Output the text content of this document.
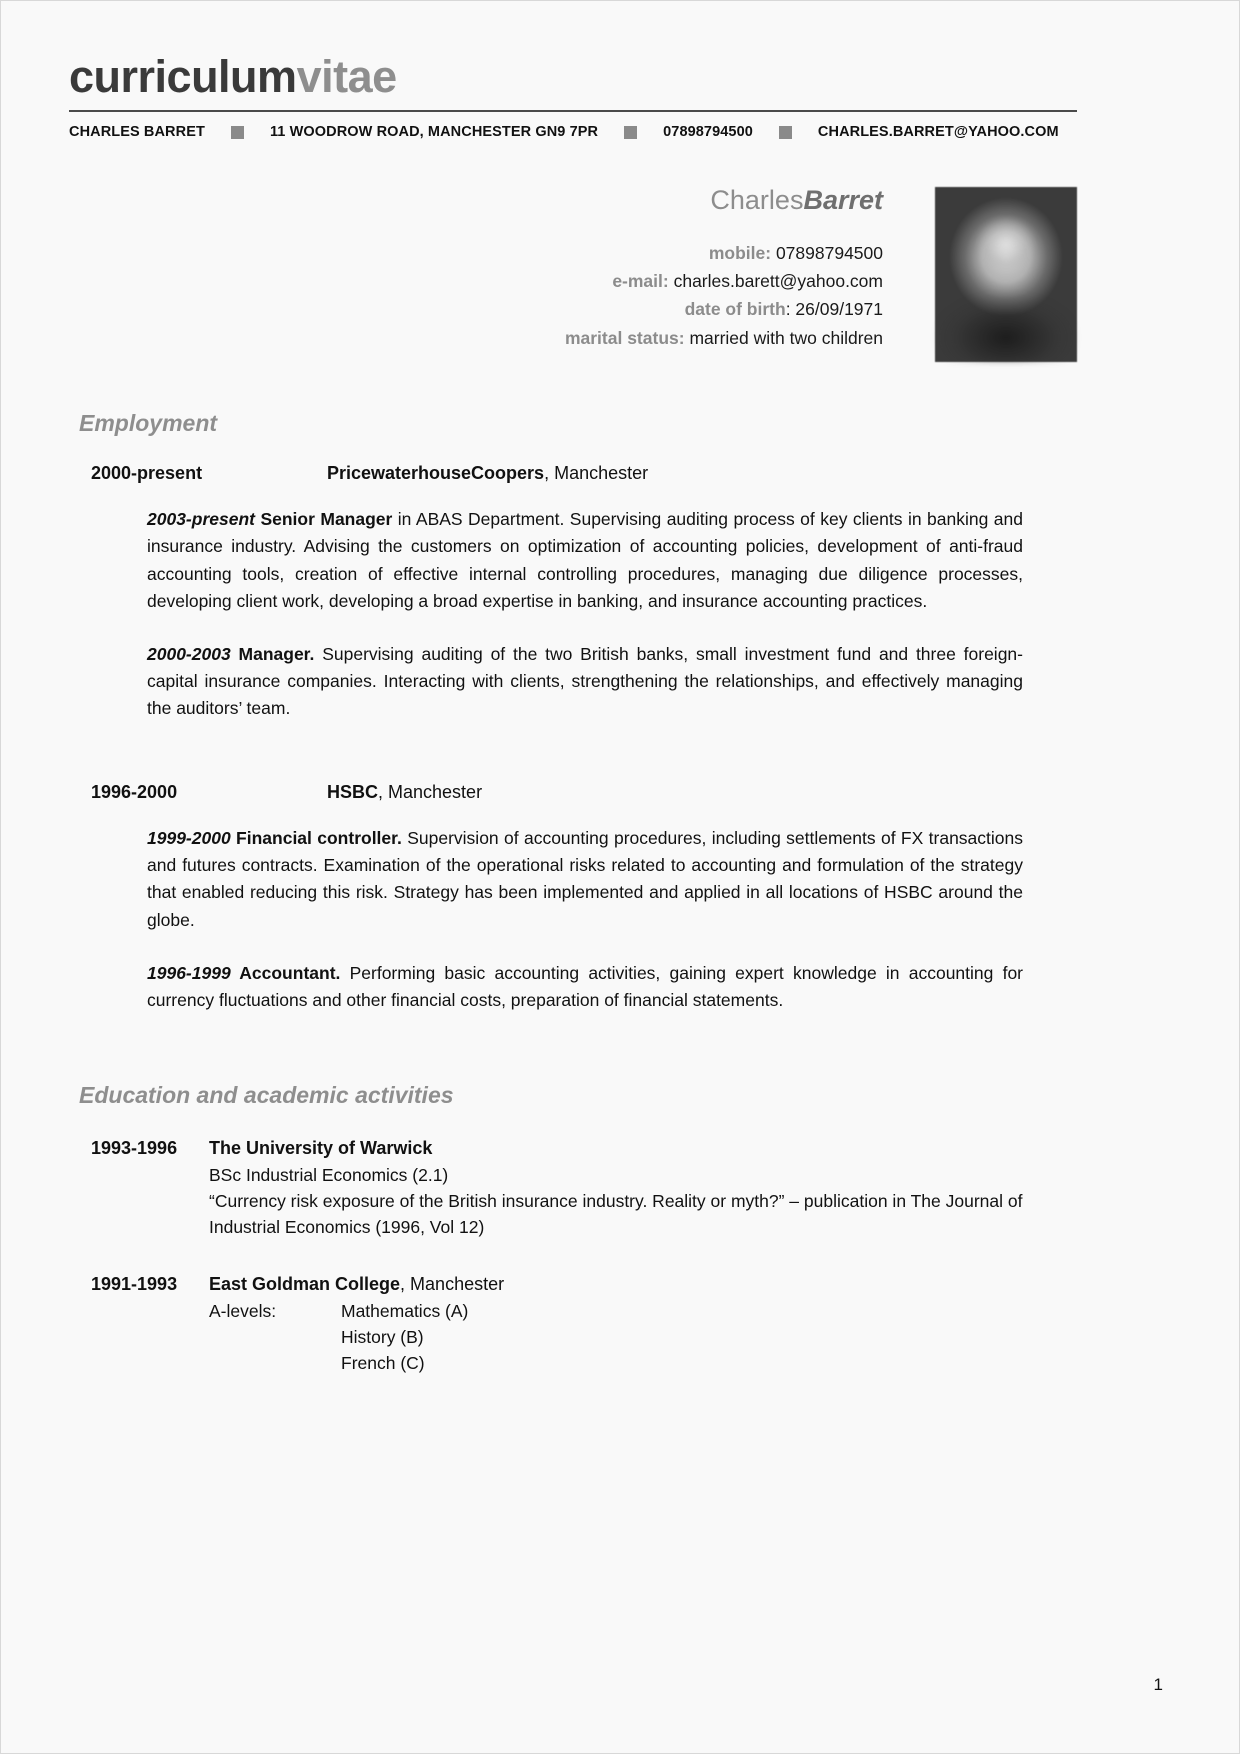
curriculumvitae
CHARLES BARRET	11 WOODROW ROAD, MANCHESTER GN9 7PR	07898794500	CHARLES.BARRET@YAHOO.COM
CharlesBarret
mobile: 07898794500
e-mail: charles.barett@yahoo.com
date of birth: 26/09/1971
marital status: married with two children
Employment
2000-present	PricewaterhouseCoopers, Manchester

2003-present Senior Manager in ABAS Department. Supervising auditing process of key clients in banking and insurance industry. Advising the customers on optimization of accounting policies, development of anti-fraud accounting tools, creation of effective internal controlling procedures, managing due diligence processes, developing client work, developing a broad expertise in banking, and insurance accounting practices.

2000-2003 Manager. Supervising auditing of the two British banks, small investment fund and three foreign-capital insurance companies. Interacting with clients, strengthening the relationships, and effectively managing the auditors’ team.

1996-2000	HSBC, Manchester

1999-2000 Financial controller. Supervision of accounting procedures, including settlements of FX transactions and futures contracts. Examination of the operational risks related to accounting and formulation of the strategy that enabled reducing this risk. Strategy has been implemented and applied in all locations of HSBC around the globe.

1996-1999 Accountant. Performing basic accounting activities, gaining expert knowledge in accounting for currency fluctuations and other financial costs, preparation of financial statements.

Education and academic activities
1993-1996	The University of Warwick
BSc Industrial Economics (2.1)
“Currency risk exposure of the British insurance industry. Reality or myth?” – publication in The Journal of Industrial Economics (1996, Vol 12)
1991-1993	East Goldman College, Manchester
A-levels:	Mathematics (A)
History (B)
French (C)
1
